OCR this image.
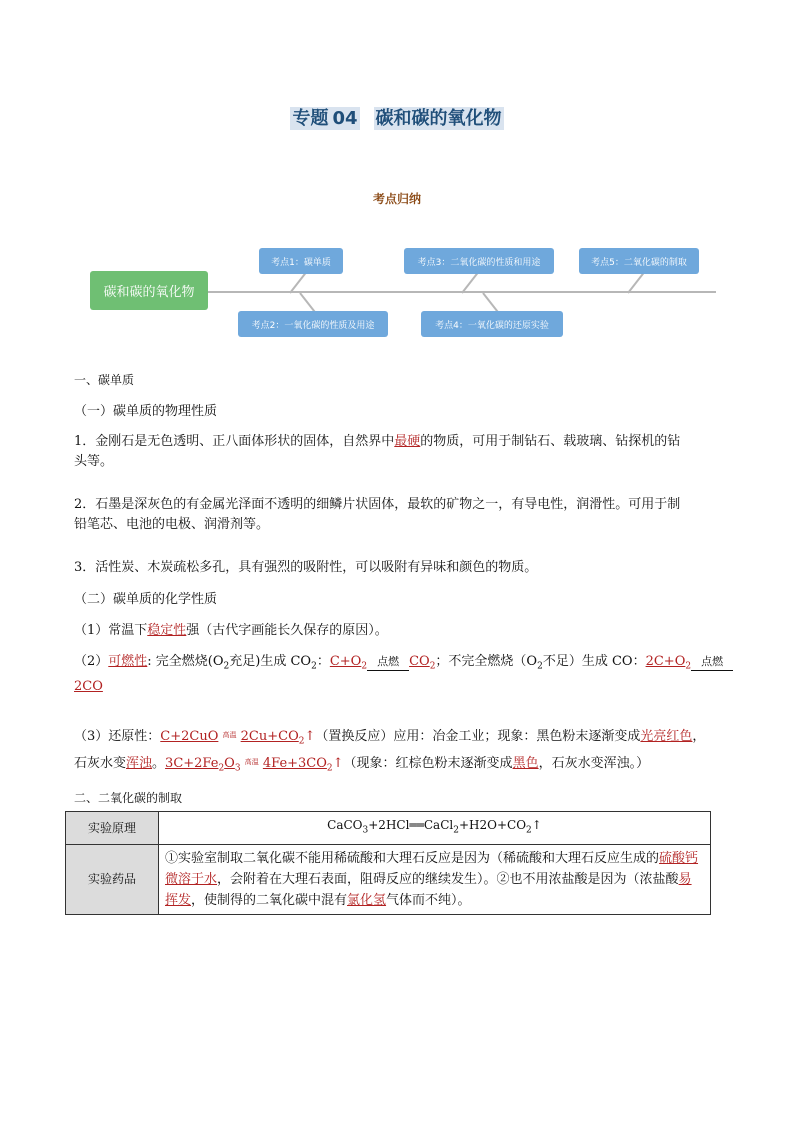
专题 04 碳和碳的氧化物
考点归纳
碳和碳的氧化物
考点1：碳单质
考点2：一氧化碳的性质及用途
考点3：二氧化碳的性质和用途
考点4：一氧化碳的还原实验
考点5：二氧化碳的制取
一、碳单质
（一）碳单质的物理性质
1．金刚石是无色透明、正八面体形状的固体，自然界中最硬的物质，可用于制钻石、载玻璃、钻探机的钻
头等。
2．石墨是深灰色的有金属光泽面不透明的细鳞片状固体，最软的矿物之一，有导电性，润滑性。可用于制
铅笔芯、电池的电极、润滑剂等。
3．活性炭、木炭疏松多孔，具有强烈的吸附性，可以吸附有异味和颜色的物质。
（二）碳单质的化学性质
（1）常温下稳定性强（古代字画能长久保存的原因）。
（2）可燃性: 完全燃烧($O_2$充足)生成 $CO_2$：$C+O_2$ 点燃 $CO_2$；不完全燃烧（$O_2$不足）生成 CO：$2C+O_2$ 点燃

2CO
（3）还原性：C+2CuO $^{高温}$ $2Cu+CO_2↑$（置换反应）应用：冶金工业；现象：黑色粉末逐渐变成光亮红色，
石灰水变浑浊。$3C+2Fe_2O_3$ $^{高温}$ $4Fe+3CO_2↑$（现象：红棕色粉末逐渐变成黑色，石灰水变浑浊。）
二、二氧化碳的制取
实验原理	$CaCO_3+2HCl══CaCl_2+H2O+CO_2↑$
实验药品	①实验室制取二氧化碳不能用稀硫酸和大理石反应是因为（稀硫酸和大理石反应生成的硫酸钙微溶于水，会附着在大理石表面，阻碍反应的继续发生）。②也不用浓盐酸是因为（浓盐酸易挥发，使制得的二氧化碳中混有氯化氢气体而不纯）。
